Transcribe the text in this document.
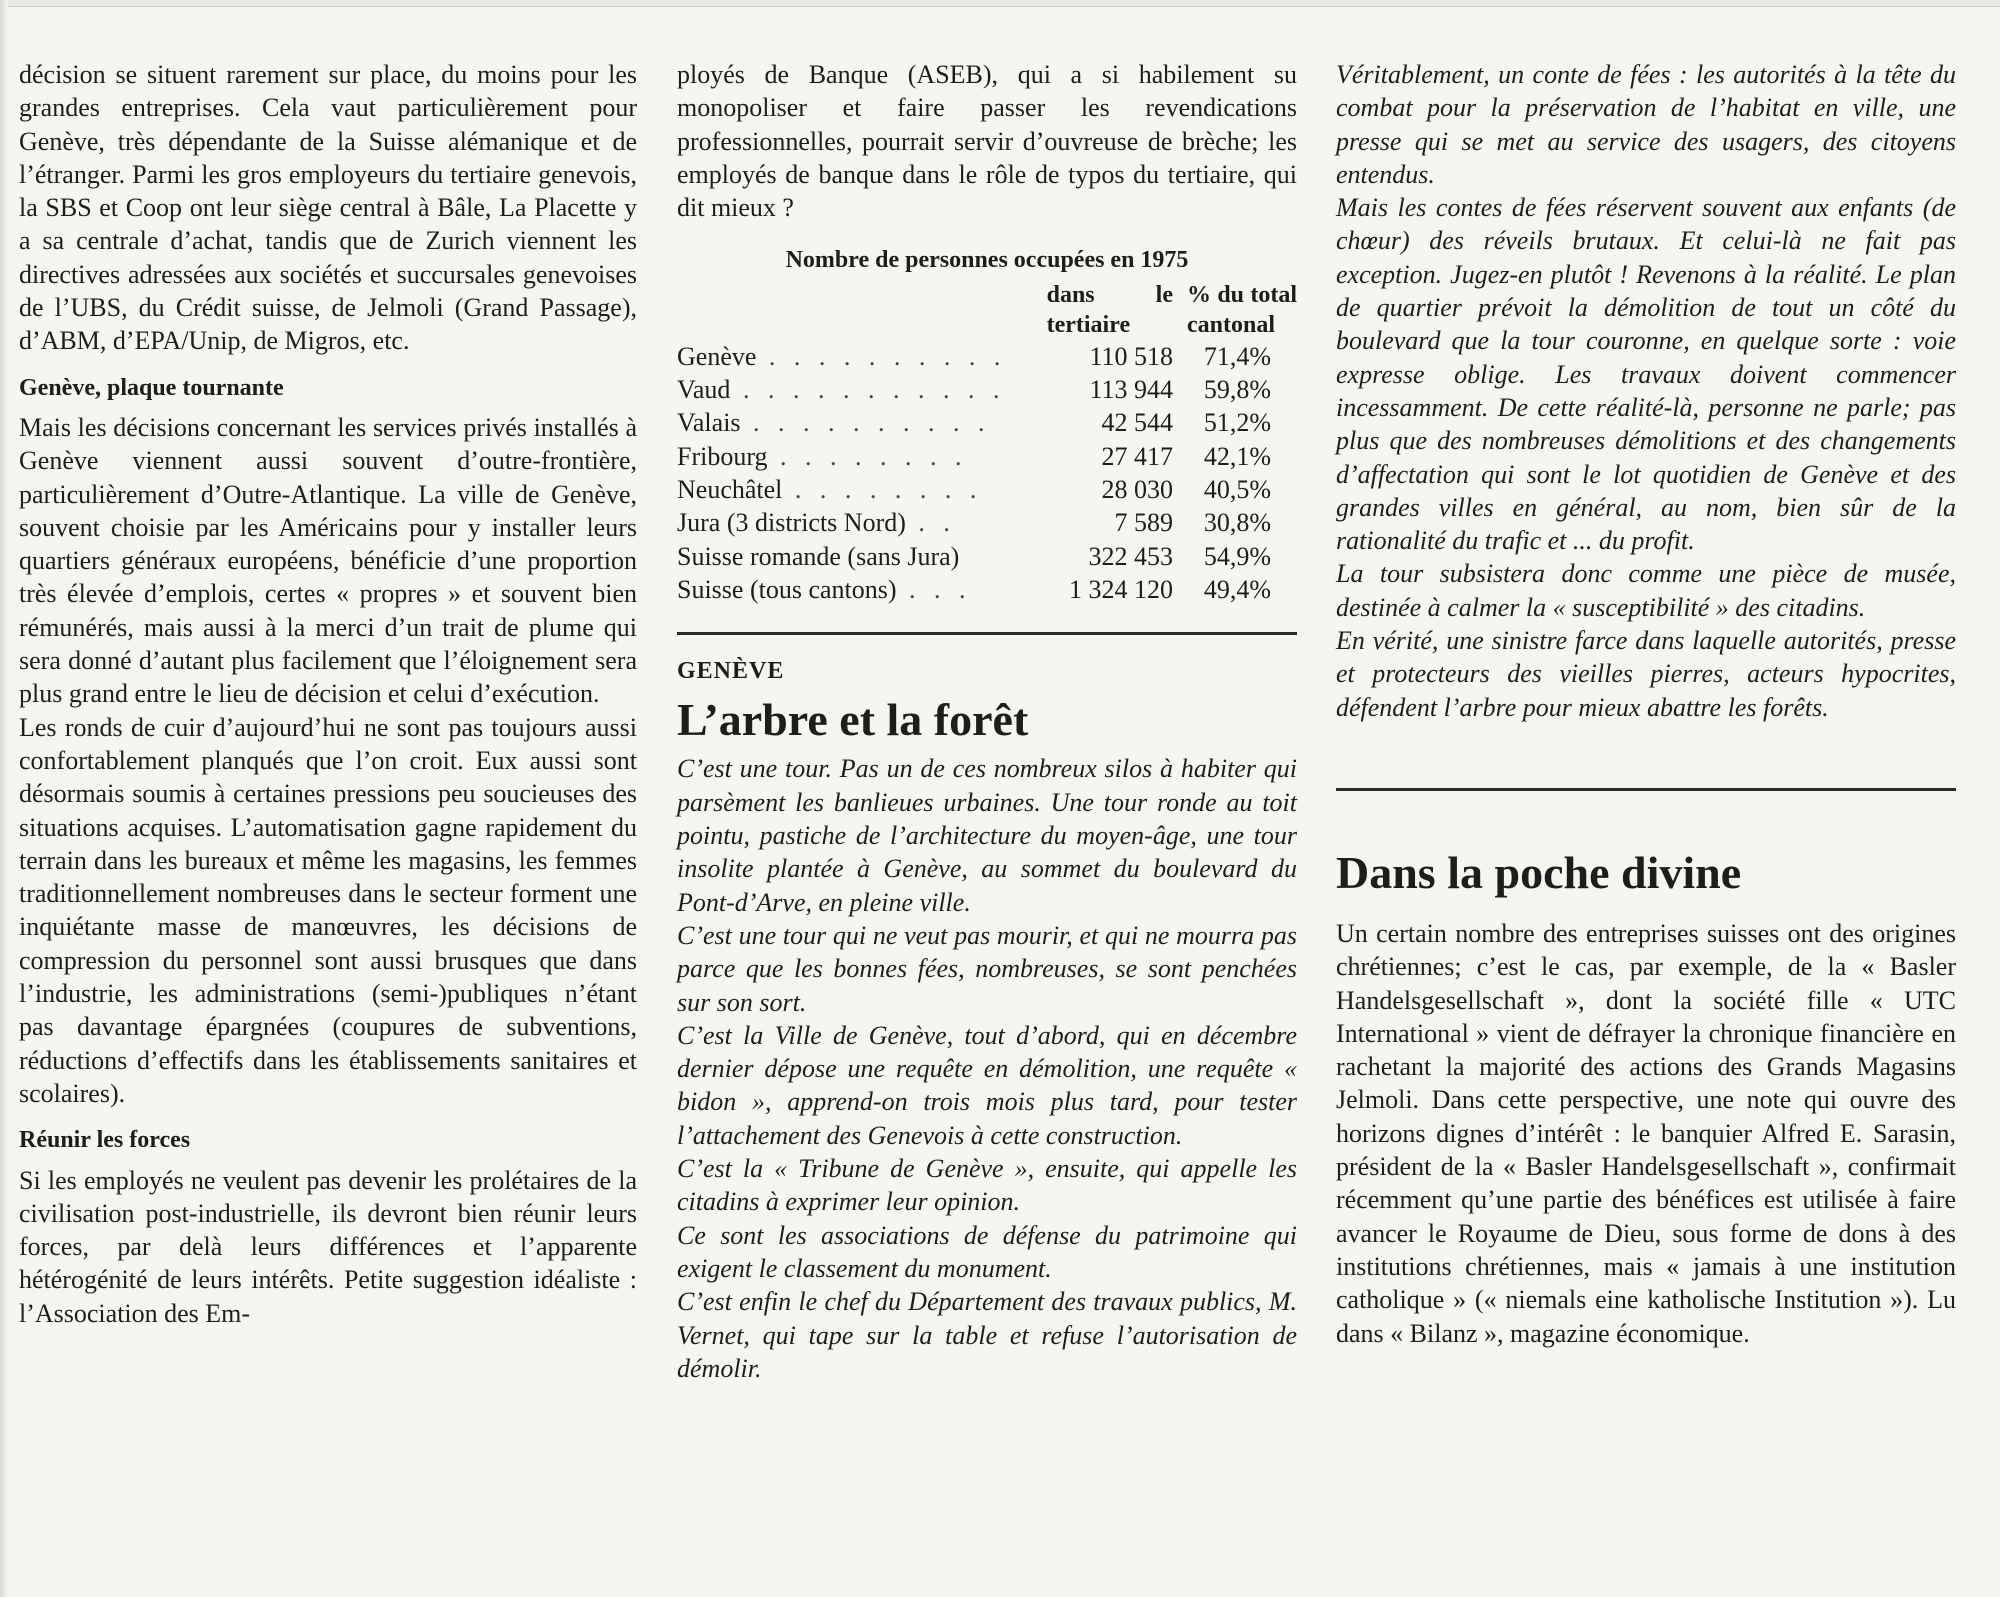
décision se situent rarement sur place, du moins pour les grandes entreprises. Cela vaut particulièrement pour Genève, très dépendante de la Suisse alémanique et de l’étranger. Parmi les gros employeurs du tertiaire genevois, la SBS et Coop ont leur siège central à Bâle, La Placette y a sa centrale d’achat, tandis que de Zurich viennent les directives adressées aux sociétés et succursales genevoises de l’UBS, du Crédit suisse, de Jelmoli (Grand Passage), d’ABM, d’EPA/Unip, de Migros, etc.

Genève, plaque tournante

Mais les décisions concernant les services privés installés à Genève viennent aussi souvent d’outre-frontière, particulièrement d’Outre-Atlantique. La ville de Genève, souvent choisie par les Américains pour y installer leurs quartiers généraux européens, bénéficie d’une proportion très élevée d’emplois, certes « propres » et souvent bien rémunérés, mais aussi à la merci d’un trait de plume qui sera donné d’autant plus facilement que l’éloignement sera plus grand entre le lieu de décision et celui d’exécution.

Les ronds de cuir d’aujourd’hui ne sont pas toujours aussi confortablement planqués que l’on croit. Eux aussi sont désormais soumis à certaines pressions peu soucieuses des situations acquises. L’automatisation gagne rapidement du terrain dans les bureaux et même les magasins, les femmes traditionnellement nombreuses dans le secteur forment une inquiétante masse de manœuvres, les décisions de compression du personnel sont aussi brusques que dans l’industrie, les administrations (semi-)publiques n’étant pas davantage épargnées (coupures de subventions, réductions d’effectifs dans les établissements sanitaires et scolaires).

Réunir les forces

Si les employés ne veulent pas devenir les prolétaires de la civilisation post-industrielle, ils devront bien réunir leurs forces, par delà leurs différences et l’apparente hétérogénité de leurs intérêts. Petite suggestion idéaliste : l’Association des Em-

ployés de Banque (ASEB), qui a si habilement su monopoliser et faire passer les revendications professionnelles, pourrait servir d’ouvreuse de brèche; les employés de banque dans le rôle de typos du tertiaire, qui dit mieux ?

Nombre de personnes occupées en 1975

	dans le tertiaire	% du total cantonal
Genève . . . . . . . . . .	110 518	71,4%
Vaud . . . . . . . . . . .	113 944	59,8%
Valais . . . . . . . . . .	42 544	51,2%
Fribourg . . . . . . . .	27 417	42,1%
Neuchâtel . . . . . . . .	28 030	40,5%
Jura (3 districts Nord) . .	7 589	30,8%
Suisse romande (sans Jura)	322 453	54,9%
Suisse (tous cantons) . . .	1 324 120	49,4%

GENÈVE

L’arbre et la forêt

C’est une tour. Pas un de ces nombreux silos à habiter qui parsèment les banlieues urbaines. Une tour ronde au toit pointu, pastiche de l’architecture du moyen-âge, une tour insolite plantée à Genève, au sommet du boulevard du Pont-d’Arve, en pleine ville.

C’est une tour qui ne veut pas mourir, et qui ne mourra pas parce que les bonnes fées, nombreuses, se sont penchées sur son sort.

C’est la Ville de Genève, tout d’abord, qui en décembre dernier dépose une requête en démolition, une requête « bidon », apprend-on trois mois plus tard, pour tester l’attachement des Genevois à cette construction.

C’est la « Tribune de Genève », ensuite, qui appelle les citadins à exprimer leur opinion.

Ce sont les associations de défense du patrimoine qui exigent le classement du monument.

C’est enfin le chef du Département des travaux publics, M. Vernet, qui tape sur la table et refuse l’autorisation de démolir.

Véritablement, un conte de fées : les autorités à la tête du combat pour la préservation de l’habitat en ville, une presse qui se met au service des usagers, des citoyens entendus.

Mais les contes de fées réservent souvent aux enfants (de chœur) des réveils brutaux. Et celui-là ne fait pas exception. Jugez-en plutôt ! Revenons à la réalité. Le plan de quartier prévoit la démolition de tout un côté du boulevard que la tour couronne, en quelque sorte : voie expresse oblige. Les travaux doivent commencer incessamment. De cette réalité-là, personne ne parle; pas plus que des nombreuses démolitions et des changements d’affectation qui sont le lot quotidien de Genève et des grandes villes en général, au nom, bien sûr de la rationalité du trafic et ... du profit.

La tour subsistera donc comme une pièce de musée, destinée à calmer la « susceptibilité » des citadins.

En vérité, une sinistre farce dans laquelle autorités, presse et protecteurs des vieilles pierres, acteurs hypocrites, défendent l’arbre pour mieux abattre les forêts.

Dans la poche divine

Un certain nombre des entreprises suisses ont des origines chrétiennes; c’est le cas, par exemple, de la « Basler Handelsgesellschaft », dont la société fille « UTC International » vient de défrayer la chronique financière en rachetant la majorité des actions des Grands Magasins Jelmoli. Dans cette perspective, une note qui ouvre des horizons dignes d’intérêt : le banquier Alfred E. Sarasin, président de la « Basler Handelsgesellschaft », confirmait récemment qu’une partie des bénéfices est utilisée à faire avancer le Royaume de Dieu, sous forme de dons à des institutions chrétiennes, mais « jamais à une institution catholique » (« niemals eine katholische Institution »). Lu dans « Bilanz », magazine économique.
